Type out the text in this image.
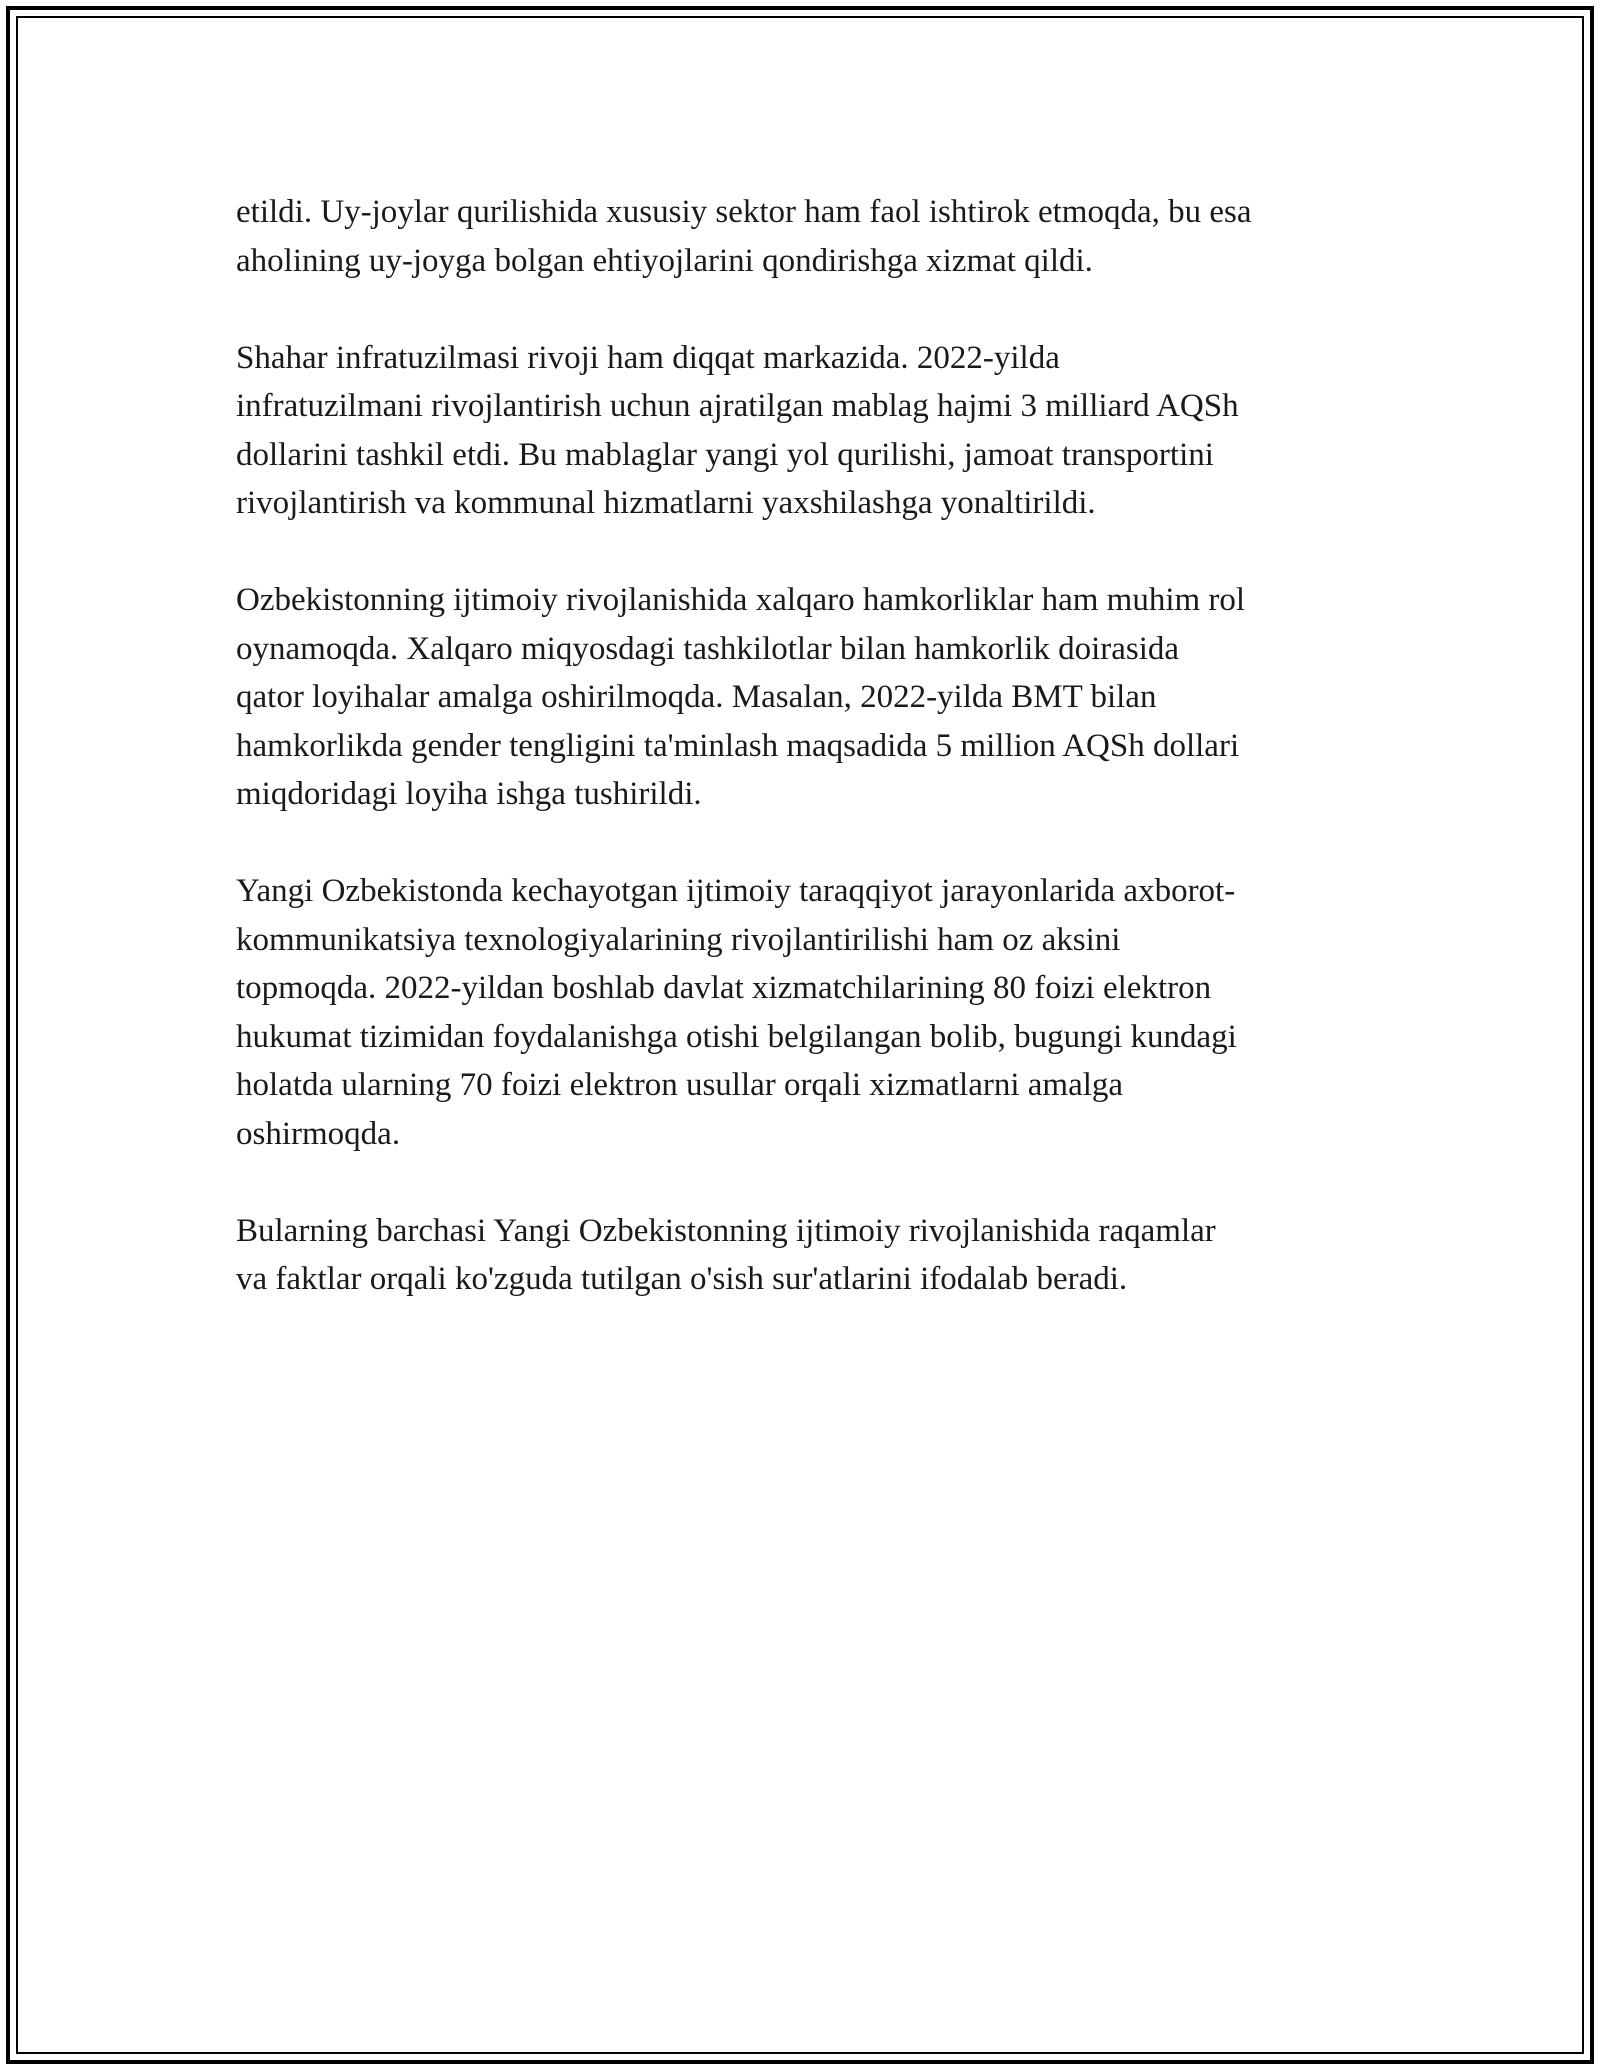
etildi. Uy-joylar qurilishida xususiy sektor ham faol ishtirok etmoqda, bu esa
aholining uy-joyga bolgan ehtiyojlarini qondirishga xizmat qildi.

Shahar infratuzilmasi rivoji ham diqqat markazida. 2022-yilda
infratuzilmani rivojlantirish uchun ajratilgan mablag hajmi 3 milliard AQSh
dollarini tashkil etdi. Bu mablaglar yangi yol qurilishi, jamoat transportini
rivojlantirish va kommunal hizmatlarni yaxshilashga yonaltirildi.

Ozbekistonning ijtimoiy rivojlanishida xalqaro hamkorliklar ham muhim rol
oynamoqda. Xalqaro miqyosdagi tashkilotlar bilan hamkorlik doirasida
qator loyihalar amalga oshirilmoqda. Masalan, 2022-yilda BMT bilan
hamkorlikda gender tengligini ta'minlash maqsadida 5 million AQSh dollari
miqdoridagi loyiha ishga tushirildi.

Yangi Ozbekistonda kechayotgan ijtimoiy taraqqiyot jarayonlarida axborot-
kommunikatsiya texnologiyalarining rivojlantirilishi ham oz aksini
topmoqda. 2022-yildan boshlab davlat xizmatchilarining 80 foizi elektron
hukumat tizimidan foydalanishga otishi belgilangan bolib, bugungi kundagi
holatda ularning 70 foizi elektron usullar orqali xizmatlarni amalga
oshirmoqda.

Bularning barchasi Yangi Ozbekistonning ijtimoiy rivojlanishida raqamlar
va faktlar orqali ko'zguda tutilgan o'sish sur'atlarini ifodalab beradi.
